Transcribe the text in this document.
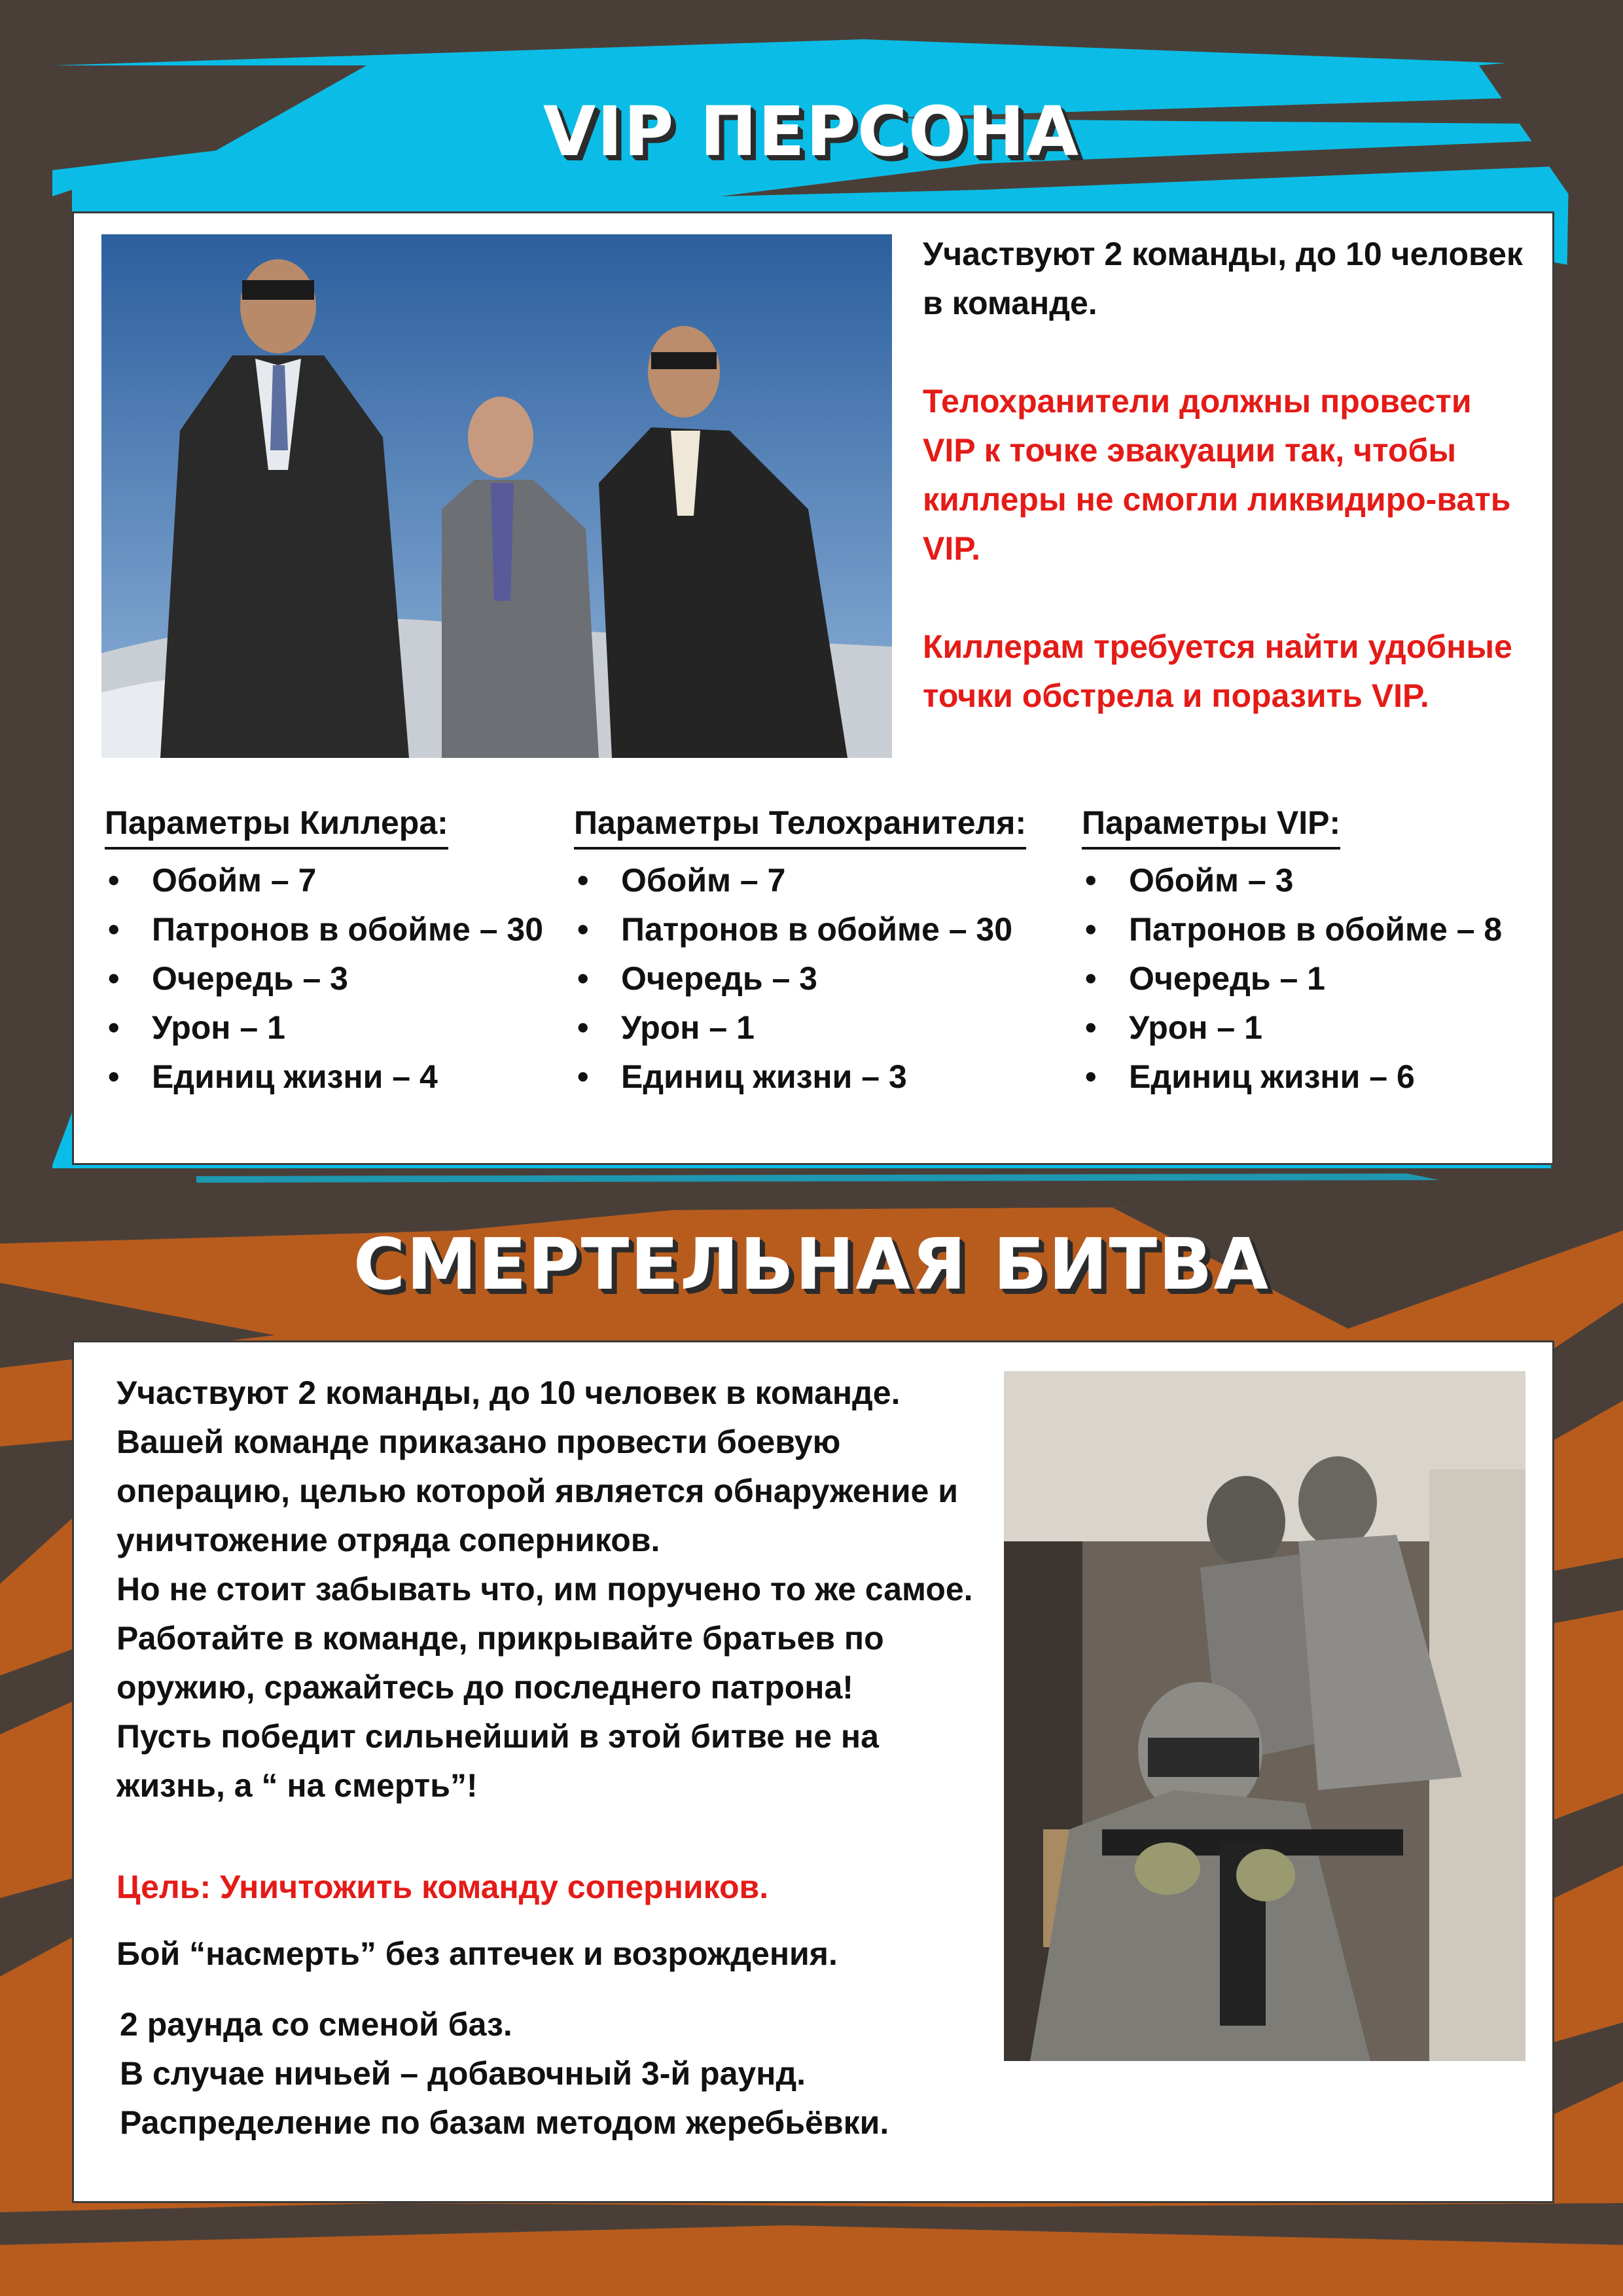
VIP ПЕРСОНА

Участвуют 2 команды, до 10 человек в команде.

Телохранители должны провести VIP к точке эвакуации так, чтобы киллеры не смогли ликвидиро-вать VIP.

Киллерам требуется найти удобные точки обстрела и поразить VIP.

Параметры Киллера:
• Обойм – 7
• Патронов в обойме – 30
• Очередь – 3
• Урон – 1
• Единиц жизни – 4
Параметры Телохранителя:
• Обойм – 7
• Патронов в обойме – 30
• Очередь – 3
• Урон – 1
• Единиц жизни – 3
Параметры VIP:
• Обойм – 3
• Патронов в обойме – 8
• Очередь – 1
• Урон – 1
• Единиц жизни – 6
СМЕРТЕЛЬНАЯ БИТВА

Участвуют 2 команды, до 10 человек в команде.

Вашей команде приказано провести боевую операцию, целью которой является обнаружение и уничтожение отряда соперников.

Но не стоит забывать что, им поручено то же самое.

Работайте в команде, прикрывайте братьев по оружию, сражайтесь до последнего патрона!

Пусть победит сильнейший в этой битве не на жизнь, а “ на смерть”!

Цель: Уничтожить команду соперников.
Бой “насмерть” без аптечек и возрождения.

2 раунда со сменой баз.

В случае ничьей – добавочный 3-й раунд.

Распределение по базам методом жеребьёвки.
